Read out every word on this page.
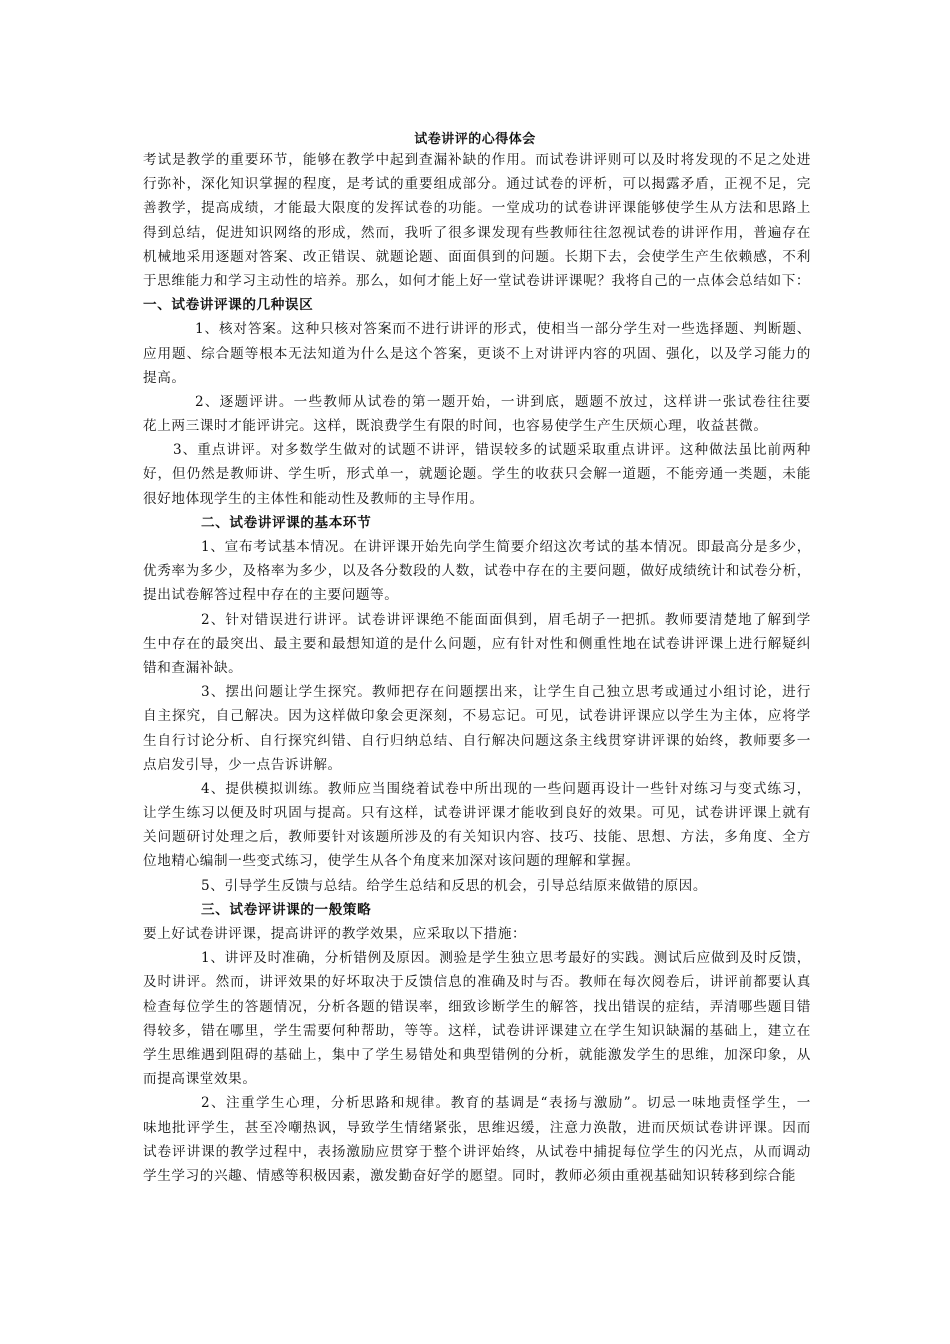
试卷讲评的心得体会
考试是教学的重要环节，能够在教学中起到查漏补缺的作用。而试卷讲评则可以及时将发现的不足之处进
行弥补，深化知识掌握的程度，是考试的重要组成部分。通过试卷的评析，可以揭露矛盾，正视不足，完
善教学，提高成绩，才能最大限度的发挥试卷的功能。一堂成功的试卷讲评课能够使学生从方法和思路上
得到总结，促进知识网络的形成，然而，我听了很多课发现有些教师往往忽视试卷的讲评作用，普遍存在
机械地采用逐题对答案、改正错误、就题论题、面面俱到的问题。长期下去，会使学生产生依赖感，不利
于思维能力和学习主动性的培养。那么，如何才能上好一堂试卷讲评课呢？我将自己的一点体会总结如下：
一、试卷讲评课的几种误区
1、核对答案。这种只核对答案而不进行讲评的形式，使相当一部分学生对一些选择题、判断题、
应用题、综合题等根本无法知道为什么是这个答案，更谈不上对讲评内容的巩固、强化，以及学习能力的
提高。
2、逐题评讲。一些教师从试卷的第一题开始，一讲到底，题题不放过，这样讲一张试卷往往要
花上两三课时才能评讲完。这样，既浪费学生有限的时间，也容易使学生产生厌烦心理，收益甚微。
3、重点讲评。对多数学生做对的试题不讲评，错误较多的试题采取重点讲评。这种做法虽比前两种
好，但仍然是教师讲、学生听，形式单一，就题论题。学生的收获只会解一道题，不能旁通一类题，未能
很好地体现学生的主体性和能动性及教师的主导作用。
二、试卷讲评课的基本环节
1、宣布考试基本情况。在讲评课开始先向学生简要介绍这次考试的基本情况。即最高分是多少，
优秀率为多少，及格率为多少，以及各分数段的人数，试卷中存在的主要问题，做好成绩统计和试卷分析，
提出试卷解答过程中存在的主要问题等。
2、针对错误进行讲评。试卷讲评课绝不能面面俱到，眉毛胡子一把抓。教师要清楚地了解到学
生中存在的最突出、最主要和最想知道的是什么问题，应有针对性和侧重性地在试卷讲评课上进行解疑纠
错和查漏补缺。
3、摆出问题让学生探究。教师把存在问题摆出来，让学生自己独立思考或通过小组讨论，进行
自主探究，自己解决。因为这样做印象会更深刻，不易忘记。可见，试卷讲评课应以学生为主体，应将学
生自行讨论分析、自行探究纠错、自行归纳总结、自行解决问题这条主线贯穿讲评课的始终，教师要多一
点启发引导，少一点告诉讲解。
4、提供模拟训练。教师应当围绕着试卷中所出现的一些问题再设计一些针对练习与变式练习，
让学生练习以便及时巩固与提高。只有这样，试卷讲评课才能收到良好的效果。可见，试卷讲评课上就有
关问题研讨处理之后，教师要针对该题所涉及的有关知识内容、技巧、技能、思想、方法，多角度、全方
位地精心编制一些变式练习，使学生从各个角度来加深对该问题的理解和掌握。
5、引导学生反馈与总结。给学生总结和反思的机会，引导总结原来做错的原因。
三、试卷评讲课的一般策略
要上好试卷讲评课，提高讲评的教学效果，应采取以下措施：
1、讲评及时准确，分析错例及原因。测验是学生独立思考最好的实践。测试后应做到及时反馈，
及时讲评。然而，讲评效果的好坏取决于反馈信息的准确及时与否。教师在每次阅卷后，讲评前都要认真
检查每位学生的答题情况，分析各题的错误率，细致诊断学生的解答，找出错误的症结，弄清哪些题目错
得较多，错在哪里，学生需要何种帮助，等等。这样，试卷讲评课建立在学生知识缺漏的基础上，建立在
学生思维遇到阻碍的基础上，集中了学生易错处和典型错例的分析，就能激发学生的思维，加深印象，从
而提高课堂效果。
2、注重学生心理，分析思路和规律。教育的基调是“表扬与激励”。切忌一味地责怪学生，一
味地批评学生，甚至冷嘲热讽，导致学生情绪紧张，思维迟缓，注意力涣散，进而厌烦试卷讲评课。因而
试卷评讲课的教学过程中，表扬激励应贯穿于整个讲评始终，从试卷中捕捉每位学生的闪光点，从而调动
学生学习的兴趣、情感等积极因素，激发勤奋好学的愿望。同时，教师必须由重视基础知识转移到综合能
